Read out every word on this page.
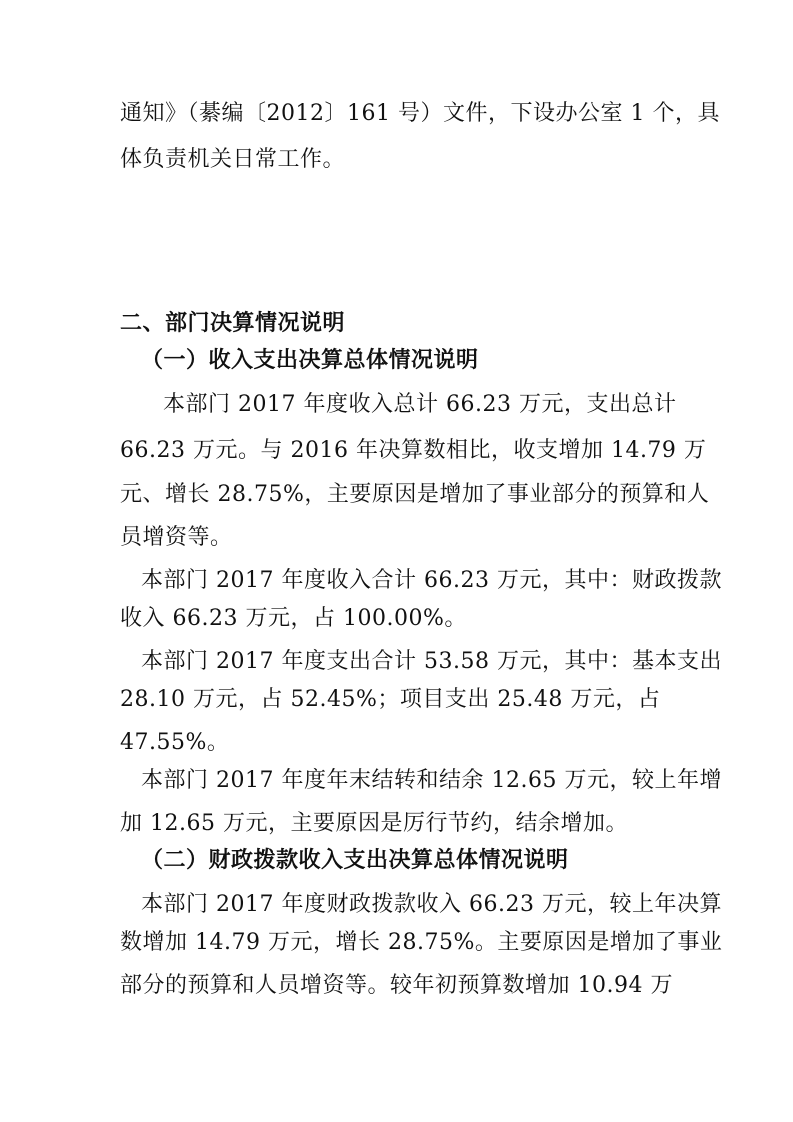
通知》（綦编〔2012〕161 号）文件，下设办公室 1 个，具
体负责机关日常工作。
二、部门决算情况说明
（一）收入支出决算总体情况说明
本部门 2017 年度收入总计 66.23 万元，支出总计
66.23 万元。与 2016 年决算数相比，收支增加 14.79 万
元、增长 28.75%，主要原因是增加了事业部分的预算和人
员增资等。
本部门 2017 年度收入合计 66.23 万元，其中：财政拨款
收入 66.23 万元，占 100.00%。
本部门 2017 年度支出合计 53.58 万元，其中：基本支出
28.10 万元，占 52.45%；项目支出 25.48 万元，占
47.55%。
本部门 2017 年度年末结转和结余 12.65 万元，较上年增
加 12.65 万元，主要原因是厉行节约，结余增加。
（二）财政拨款收入支出决算总体情况说明
本部门 2017 年度财政拨款收入 66.23 万元，较上年决算
数增加 14.79 万元，增长 28.75%。主要原因是增加了事业
部分的预算和人员增资等。较年初预算数增加 10.94 万
